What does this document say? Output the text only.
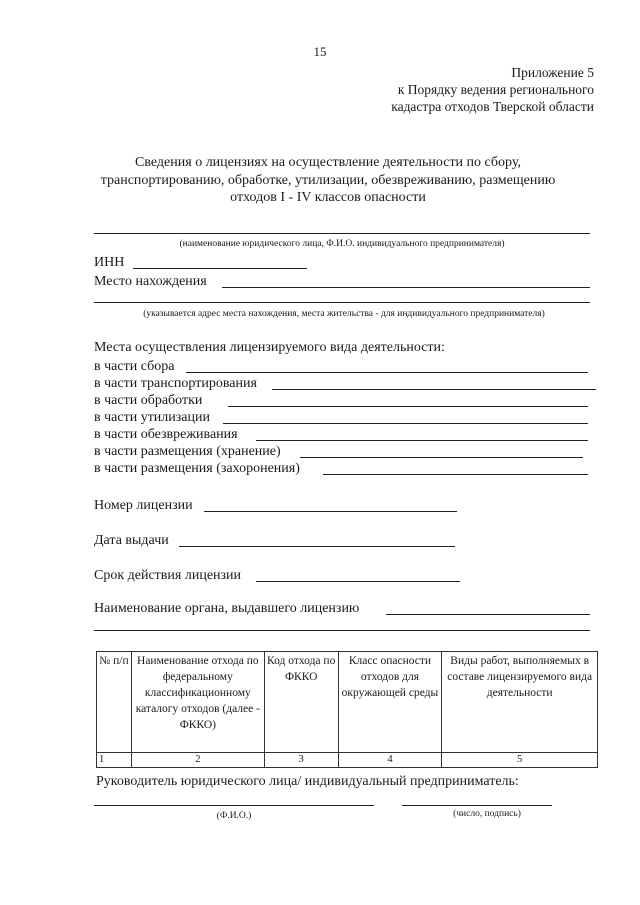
15
Приложение 5
к Порядку ведения регионального
кадастра отходов Тверской области
Сведения о лицензиях на осуществление деятельности по сбору,
транспортированию, обработке, утилизации, обезвреживанию, размещению
отходов I - IV классов опасности
(наименование юридического лица, Ф.И.О. индивидуального предпринимателя)
ИНН
Место нахождения
(указывается адрес места нахождения, места жительства - для индивидуального предпринимателя)
Места осуществления лицензируемого вида деятельности:
в части сбора
в части транспортирования
в части обработки
в части утилизации
в части обезвреживания
в части размещения (хранение)
в части размещения (захоронения)
Номер лицензии
Дата выдачи
Срок действия лицензии
Наименование органа, выдавшего лицензию
№ п/п	Наименование отхода по федеральному классификационному каталогу отходов (далее - ФККО)	Код отхода по ФККО	Класс опасности отходов для окружающей среды	Виды работ, выполняемых в составе лицензируемого вида деятельности
1	2	3	4	5
Руководитель юридического лица/ индивидуальный предприниматель:
(Ф.И.О.)	(число, подпись)
